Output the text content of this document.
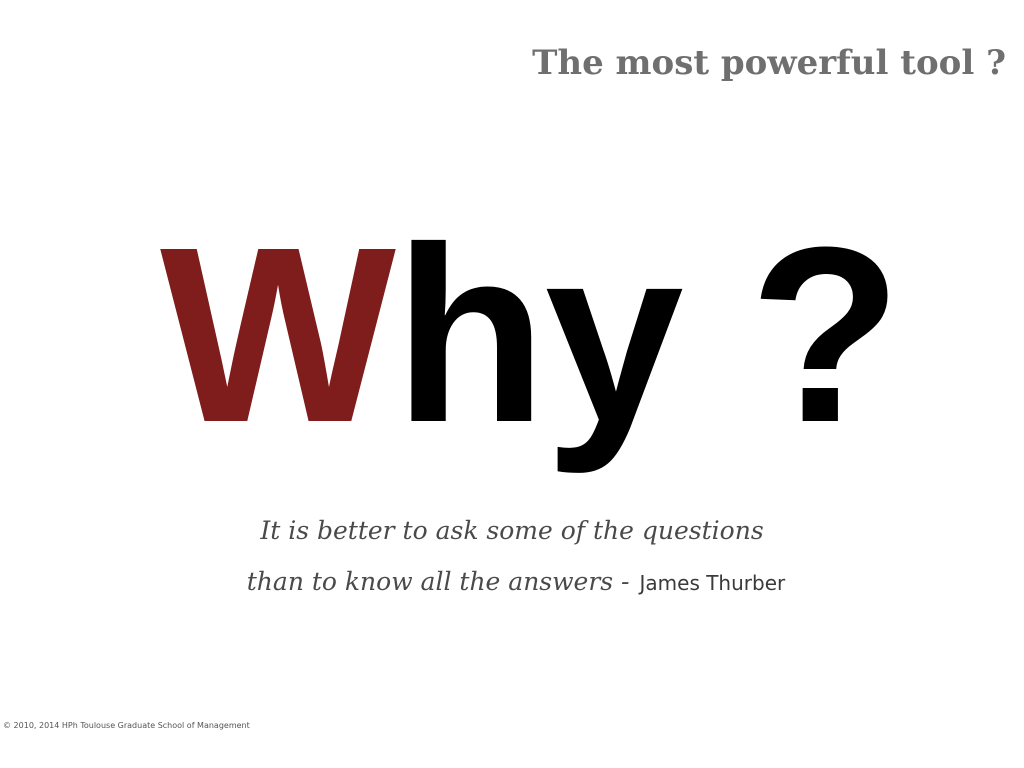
The most powerful tool ?
Why ?
It is better to ask some of the questions
than to know all the answers - James Thurber
© 2010, 2014 HPh Toulouse Graduate School of Management
